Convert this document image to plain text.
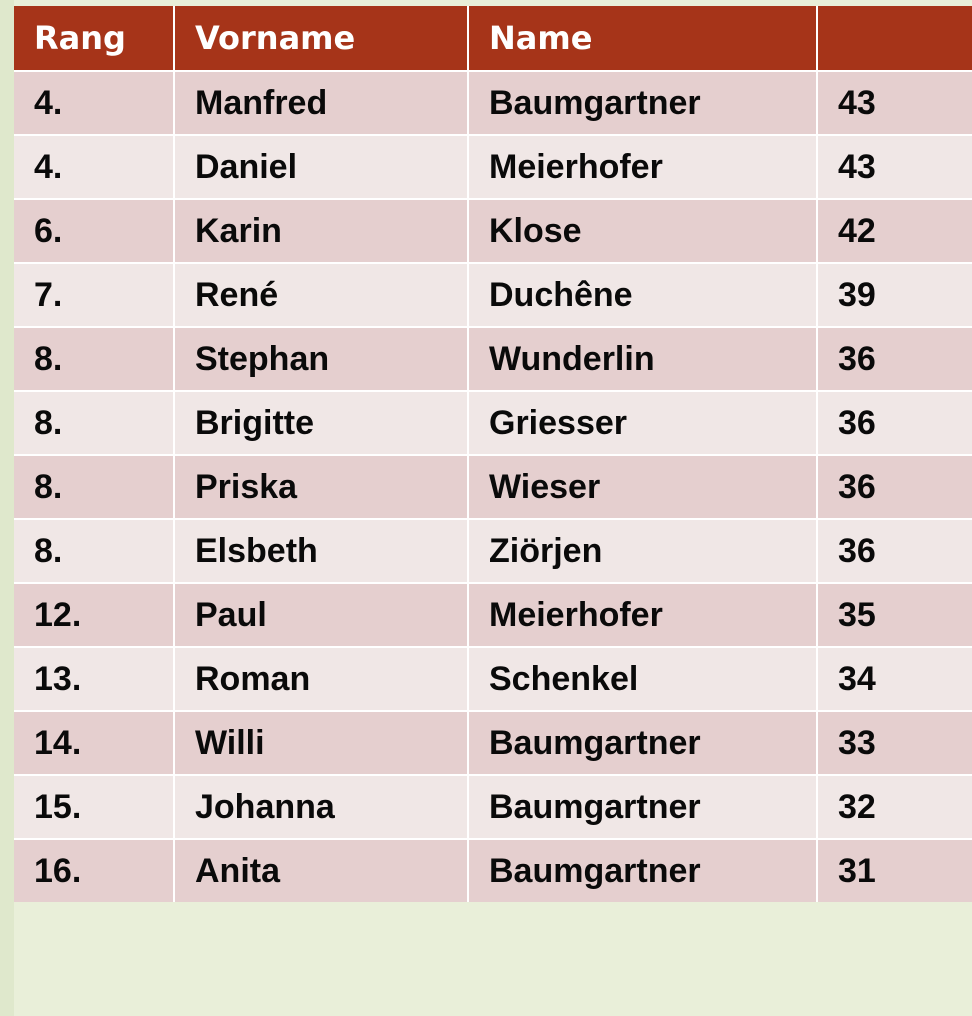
Rang	Vorname	Name	
4.	Manfred	Baumgartner	43
4.	Daniel	Meierhofer	43
6.	Karin	Klose	42
7.	René	Duchêne	39
8.	Stephan	Wunderlin	36
8.	Brigitte	Griesser	36
8.	Priska	Wieser	36
8.	Elsbeth	Ziörjen	36
12.	Paul	Meierhofer	35
13.	Roman	Schenkel	34
14.	Willi	Baumgartner	33
15.	Johanna	Baumgartner	32
16.	Anita	Baumgartner	31
